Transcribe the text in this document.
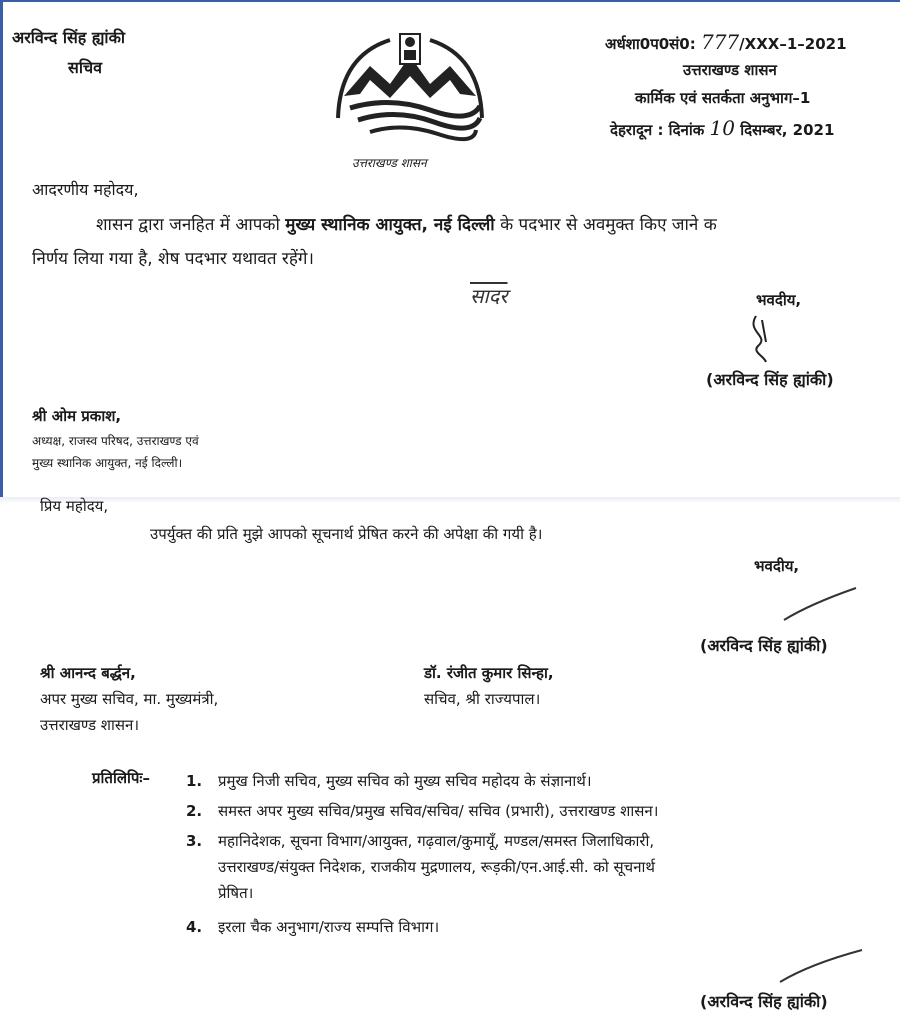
अरविन्द सिंह ह्यांकी
सचिव
उत्तराखण्ड शासन
अर्धशा0प0सं0: 777/XXX–1–2021
उत्तराखण्ड शासन
कार्मिक एवं सतर्कता अनुभाग–1
देहरादून : दिनांक 10 दिसम्बर, 2021
आदरणीय महोदय,

शासन द्वारा जनहित में आपको मुख्य स्थानिक आयुक्त, नई दिल्ली के पदभार से अवमुक्त किए जाने क

निर्णय लिया गया है, शेष पदभार यथावत रहेंगे।

सादर	भवदीय,
(अरविन्द सिंह ह्यांकी)
श्री ओम प्रकाश,
अध्यक्ष, राजस्व परिषद, उत्तराखण्ड एवं
मुख्य स्थानिक आयुक्त, नई दिल्ली।
प्रिय महोदय,
उपर्युक्त की प्रति मुझे आपको सूचनार्थ प्रेषित करने की अपेक्षा की गयी है।
भवदीय,
(अरविन्द सिंह ह्यांकी)
श्री आनन्द बर्द्धन,
अपर मुख्य सचिव, मा. मुख्यमंत्री,
उत्तराखण्ड शासन।
डॉ. रंजीत कुमार सिन्हा,
सचिव, श्री राज्यपाल।
प्रतिलिपिः– 1.	प्रमुख निजी सचिव, मुख्य सचिव को मुख्य सचिव महोदय के संज्ञानार्थ।
2.	समस्त अपर मुख्य सचिव/प्रमुख सचिव/सचिव/ सचिव (प्रभारी), उत्तराखण्ड शासन।
3.	महानिदेशक, सूचना विभाग/आयुक्त, गढ़वाल/कुमायूँ, मण्डल/समस्त जिलाधिकारी,
उत्तराखण्ड/संयुक्त निदेशक, राजकीय मुद्रणालय, रूड़की/एन.आई.सी. को सूचनार्थ
प्रेषित।
4.	इरला चैक अनुभाग/राज्य सम्पत्ति विभाग।
(अरविन्द सिंह ह्यांकी)
